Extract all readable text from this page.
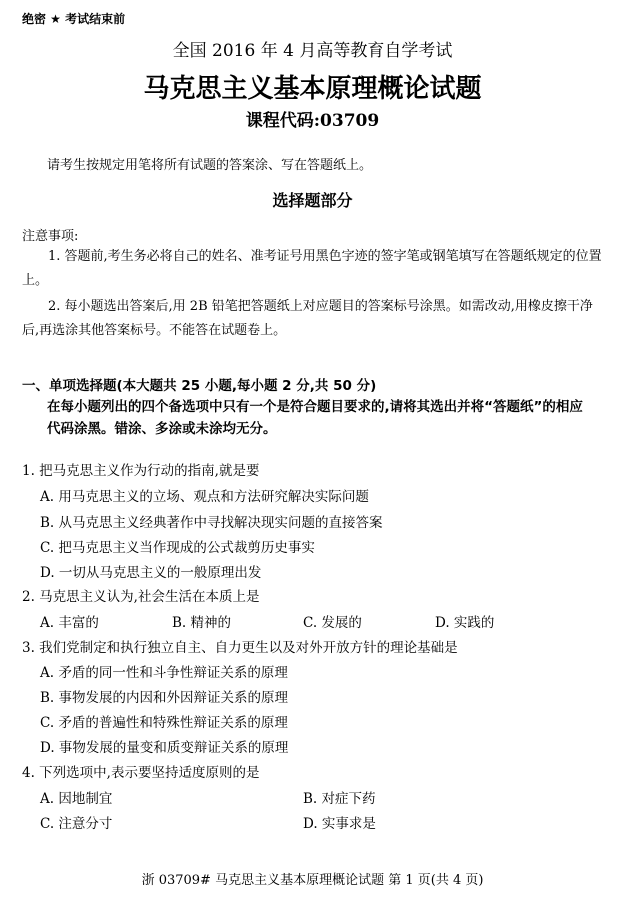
绝密 ★ 考试结束前
全国 2016 年 4 月高等教育自学考试
马克思主义基本原理概论试题
课程代码:03709
请考生按规定用笔将所有试题的答案涂、写在答题纸上。
选择题部分
注意事项:
1. 答题前,考生务必将自己的姓名、准考证号用黑色字迹的签字笔或钢笔填写在答题纸规定的位置上。
2. 每小题选出答案后,用 2B 铅笔把答题纸上对应题目的答案标号涂黑。如需改动,用橡皮擦干净后,再选涂其他答案标号。不能答在试题卷上。
一、单项选择题(本大题共 25 小题,每小题 2 分,共 50 分)
在每小题列出的四个备选项中只有一个是符合题目要求的,请将其选出并将“答题纸”的相应代码涂黑。错涂、多涂或未涂均无分。
1. 把马克思主义作为行动的指南,就是要
A. 用马克思主义的立场、观点和方法研究解决实际问题
B. 从马克思主义经典著作中寻找解决现实问题的直接答案
C. 把马克思主义当作现成的公式裁剪历史事实
D. 一切从马克思主义的一般原理出发
2. 马克思主义认为,社会生活在本质上是
A. 丰富的	B. 精神的	C. 发展的	D. 实践的
3. 我们党制定和执行独立自主、自力更生以及对外开放方针的理论基础是
A. 矛盾的同一性和斗争性辩证关系的原理
B. 事物发展的内因和外因辩证关系的原理
C. 矛盾的普遍性和特殊性辩证关系的原理
D. 事物发展的量变和质变辩证关系的原理
4. 下列选项中,表示要坚持适度原则的是
A. 因地制宜	B. 对症下药
C. 注意分寸	D. 实事求是
浙 03709# 马克思主义基本原理概论试题 第 1 页(共 4 页)
